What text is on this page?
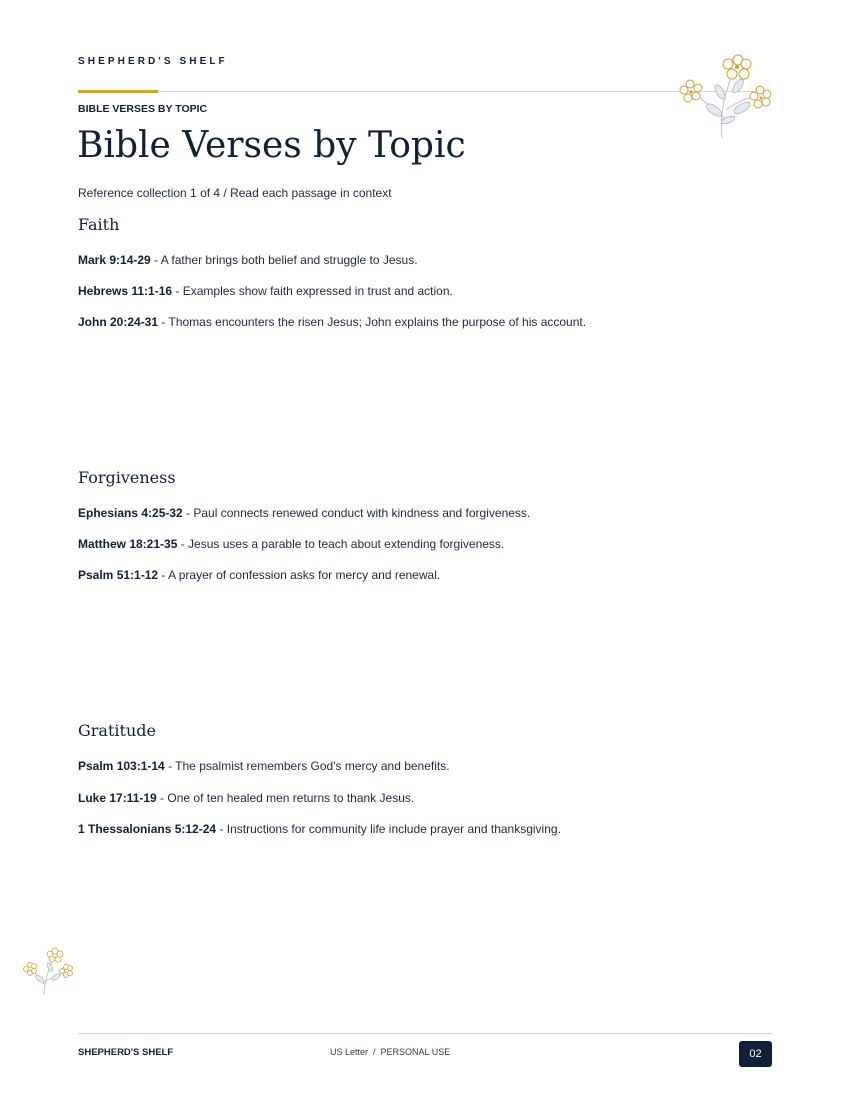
SHEPHERD'S SHELF
BIBLE VERSES BY TOPIC
Bible Verses by Topic
Reference collection 1 of 4 / Read each passage in context
Faith
Mark 9:14-29 - A father brings both belief and struggle to Jesus.
Hebrews 11:1-16 - Examples show faith expressed in trust and action.
John 20:24-31 - Thomas encounters the risen Jesus; John explains the purpose of his account.
Forgiveness
Ephesians 4:25-32 - Paul connects renewed conduct with kindness and forgiveness.
Matthew 18:21-35 - Jesus uses a parable to teach about extending forgiveness.
Psalm 51:1-12 - A prayer of confession asks for mercy and renewal.
Gratitude
Psalm 103:1-14 - The psalmist remembers God's mercy and benefits.
Luke 17:11-19 - One of ten healed men returns to thank Jesus.
1 Thessalonians 5:12-24 - Instructions for community life include prayer and thanksgiving.
SHEPHERD'S SHELF	US Letter  /  PERSONAL USE	02
